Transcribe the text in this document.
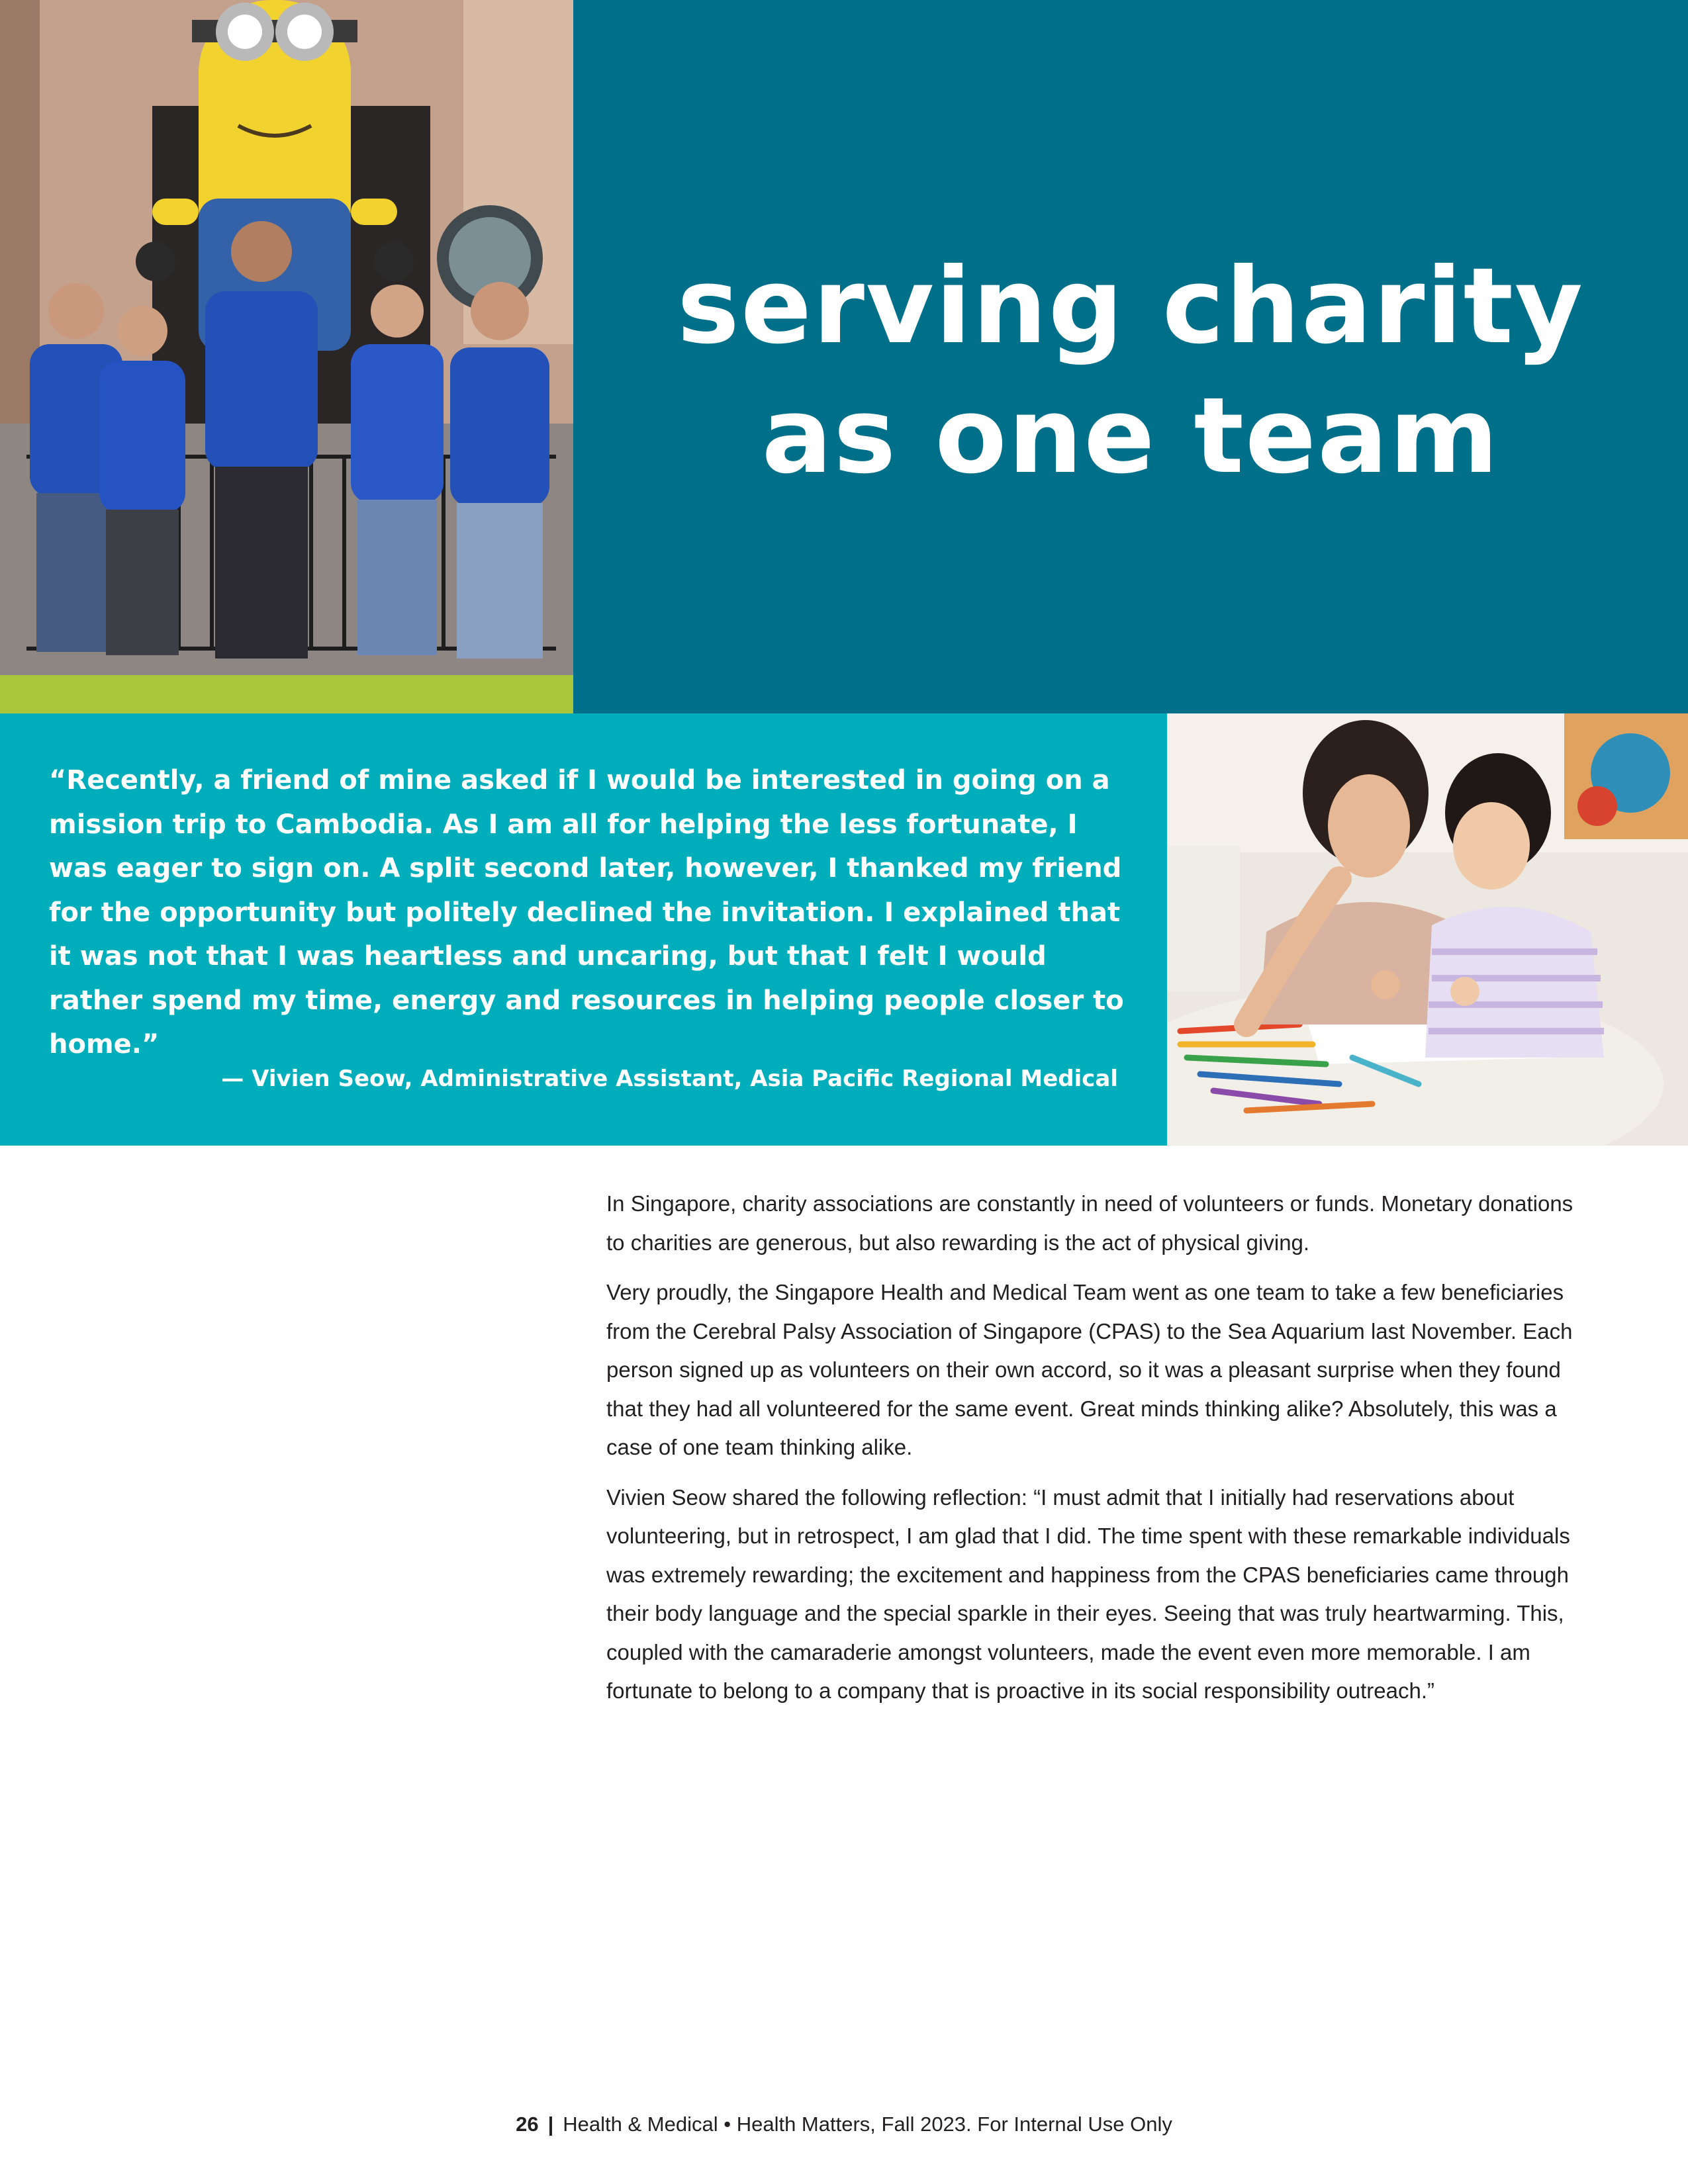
serving charity
as one team

“Recently, a friend of mine asked if I would be interested in going on a mission trip to Cambodia. As I am all for helping the less fortunate, I was eager to sign on. A split second later, however, I thanked my friend for the opportunity but politely declined the invitation. I explained that it was not that I was heartless and uncaring, but that I felt I would rather spend my time, energy and resources in helping people closer to home.”

— Vivien Seow, Administrative Assistant, Asia Pacific Regional Medical

In Singapore, charity associations are constantly in need of volunteers or funds. Monetary donations to charities are generous, but also rewarding is the act of physical giving.

Very proudly, the Singapore Health and Medical Team went as one team to take a few beneficiaries from the Cerebral Palsy Association of Singapore (CPAS) to the Sea Aquarium last November. Each person signed up as volunteers on their own accord, so it was a pleasant surprise when they found that they had all volunteered for the same event. Great minds thinking alike? Absolutely, this was a case of one team thinking alike.

Vivien Seow shared the following reflection: “I must admit that I initially had reservations about volunteering, but in retrospect, I am glad that I did. The time spent with these remarkable individuals was extremely rewarding; the excitement and happiness from the CPAS beneficiaries came through their body language and the special sparkle in their eyes. Seeing that was truly heartwarming. This, coupled with the camaraderie amongst volunteers, made the event even more memorable. I am fortunate to belong to a company that is proactive in its social responsibility outreach.”

26 | Health & Medical • Health Matters, Fall 2023. For Internal Use Only
